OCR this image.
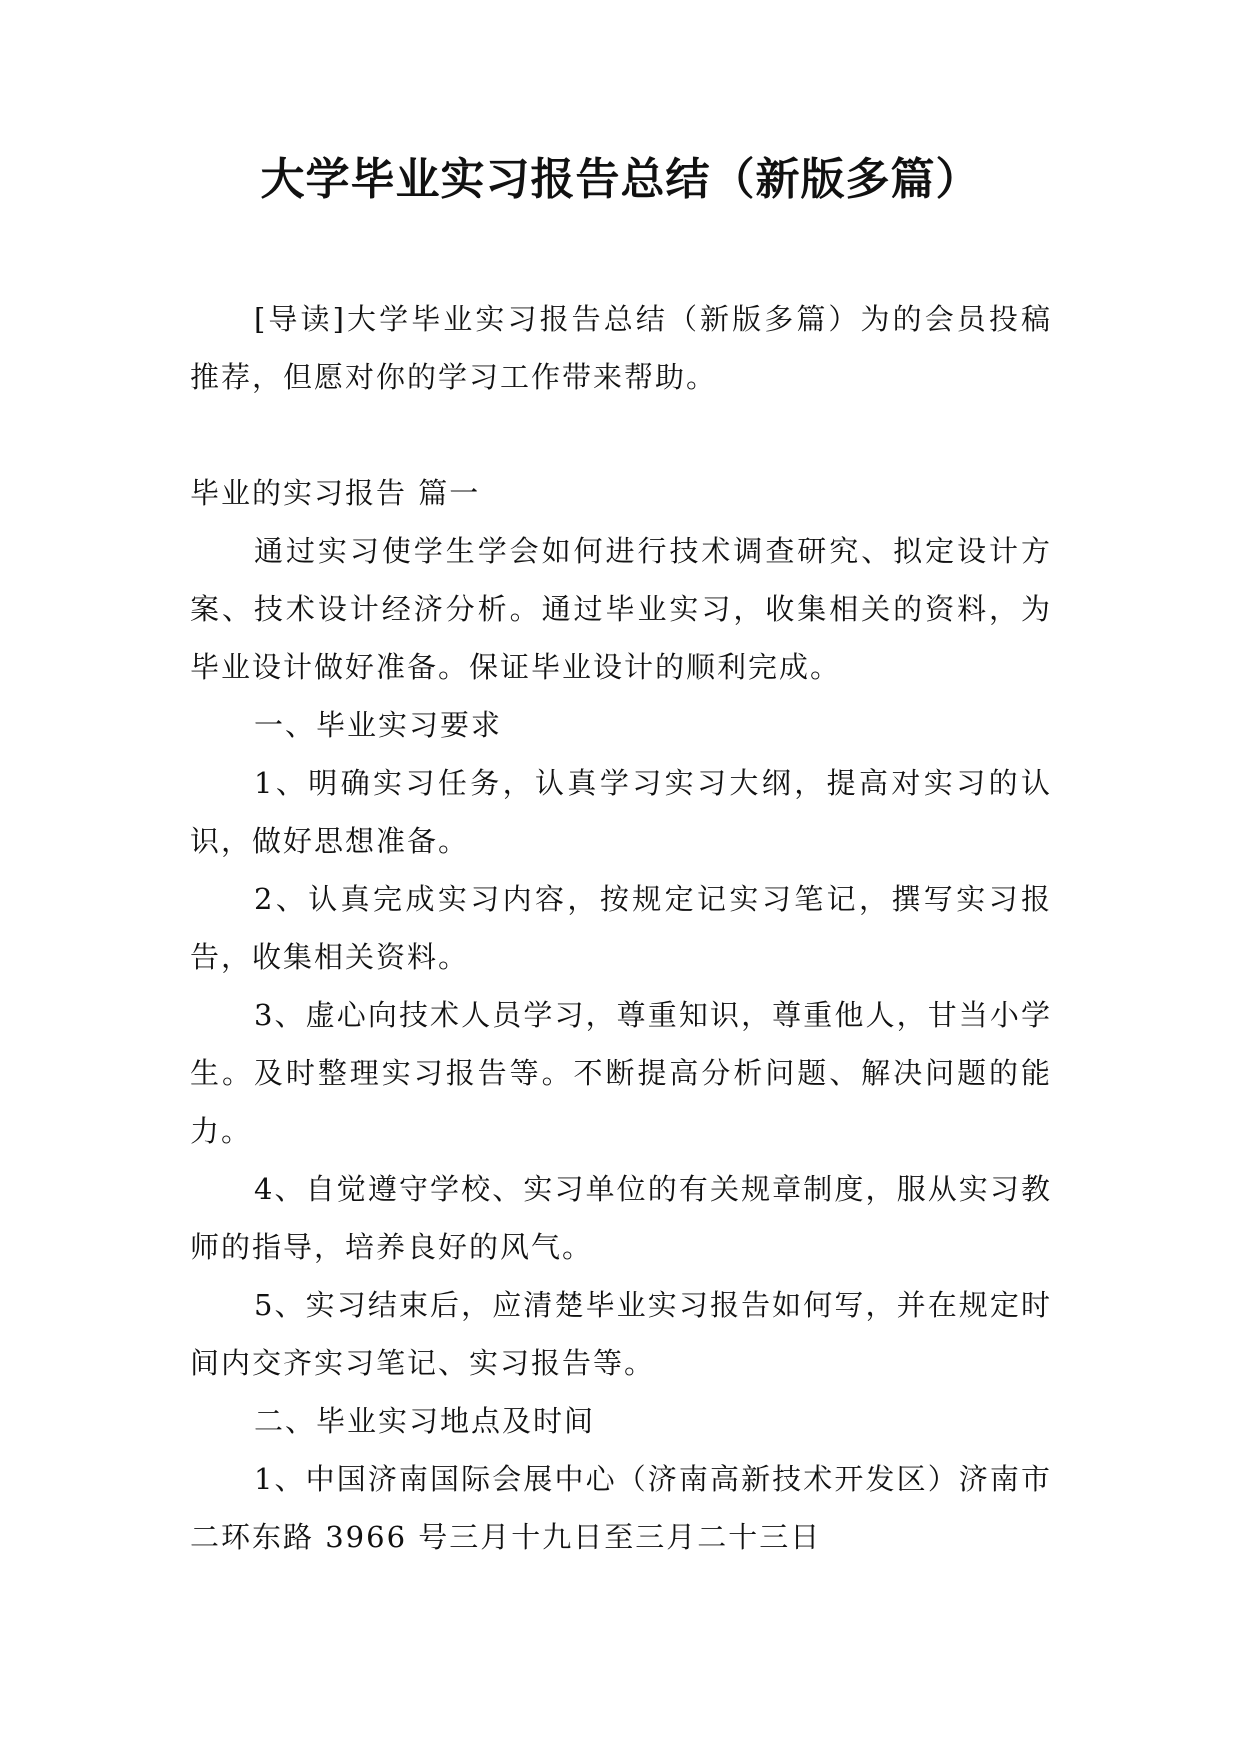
大学毕业实习报告总结（新版多篇）

[导读]大学毕业实习报告总结（新版多篇）为的会员投稿推荐，但愿对你的学习工作带来帮助。

毕业的实习报告 篇一

通过实习使学生学会如何进行技术调查研究、拟定设计方案、技术设计经济分析。通过毕业实习，收集相关的资料，为毕业设计做好准备。保证毕业设计的顺利完成。

一、毕业实习要求

1、明确实习任务，认真学习实习大纲，提高对实习的认识，做好思想准备。

2、认真完成实习内容，按规定记实习笔记，撰写实习报告，收集相关资料。

3、虚心向技术人员学习，尊重知识，尊重他人，甘当小学生。及时整理实习报告等。不断提高分析问题、解决问题的能力。

4、自觉遵守学校、实习单位的有关规章制度，服从实习教师的指导，培养良好的风气。

5、实习结束后，应清楚毕业实习报告如何写，并在规定时间内交齐实习笔记、实习报告等。

二、毕业实习地点及时间

1、中国济南国际会展中心（济南高新技术开发区）济南市二环东路 3966 号三月十九日至三月二十三日
